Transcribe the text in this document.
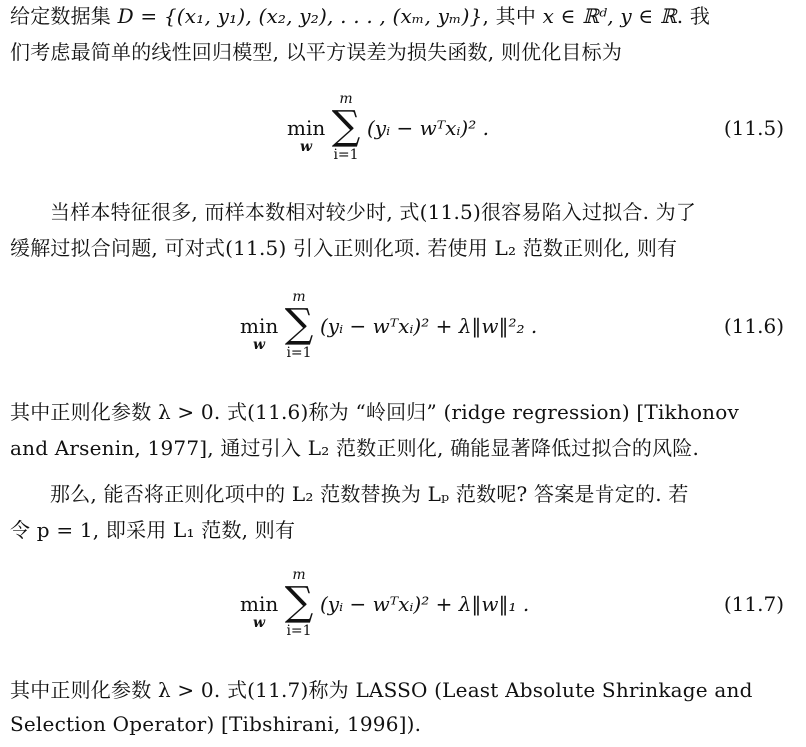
给定数据集 D = {(x₁, y₁), (x₂, y₂), . . . , (xₘ, yₘ)}, 其中 x ∈ ℝᵈ, y ∈ ℝ. 我
们考虑最简单的线性回归模型, 以平方误差为损失函数, 则优化目标为
min
w
m
∑
i=1
(yᵢ − wᵀxᵢ)² .	(11.5)
当样本特征很多, 而样本数相对较少时, 式(11.5)很容易陷入过拟合. 为了
缓解过拟合问题, 可对式(11.5) 引入正则化项. 若使用 L₂ 范数正则化, 则有
min
w
m
∑
i=1
(yᵢ − wᵀxᵢ)² + λ‖w‖²₂ .	(11.6)
其中正则化参数 λ > 0. 式(11.6)称为 “岭回归” (ridge regression) [Tikhonov
and Arsenin, 1977], 通过引入 L₂ 范数正则化, 确能显著降低过拟合的风险.
那么, 能否将正则化项中的 L₂ 范数替换为 Lₚ 范数呢? 答案是肯定的. 若
令 p = 1, 即采用 L₁ 范数, 则有
min
w
m
∑
i=1
(yᵢ − wᵀxᵢ)² + λ‖w‖₁ .	(11.7)
其中正则化参数 λ > 0. 式(11.7)称为 LASSO (Least Absolute Shrinkage and
Selection Operator) [Tibshirani, 1996]).
